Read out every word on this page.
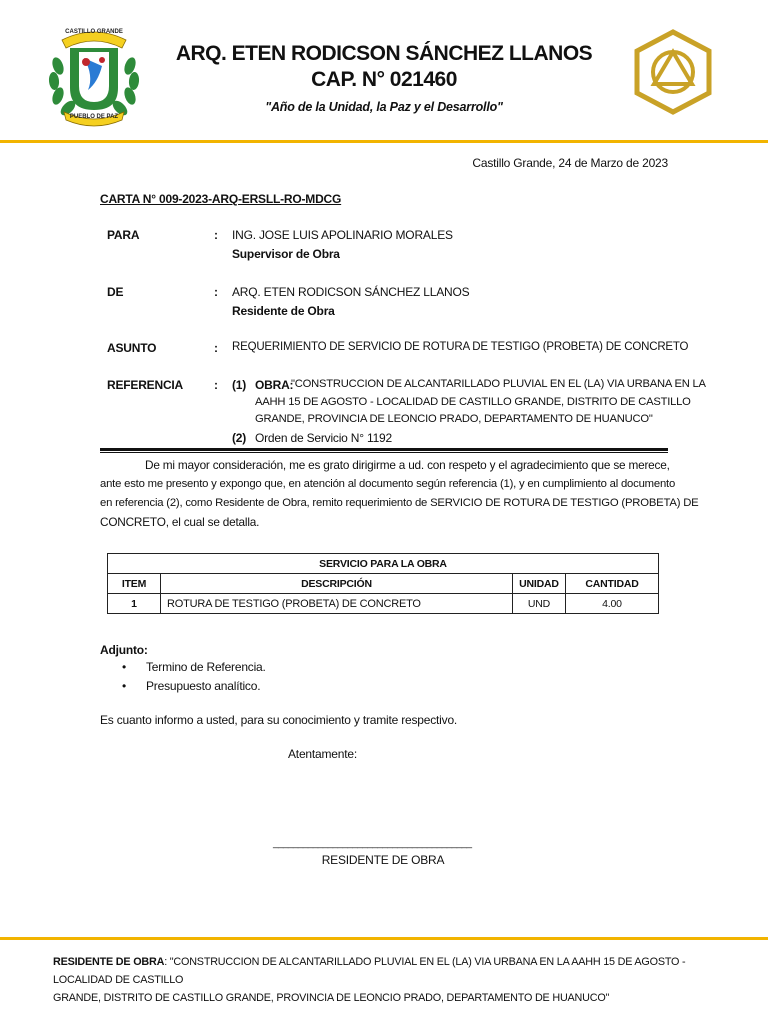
CASTILLO GRANDE
PUEBLO DE PAZ
ARQ. ETEN RODICSON SÁNCHEZ LLANOS
CAP. N° 021460
"Año de la Unidad, la Paz y el Desarrollo"
Castillo Grande, 24 de Marzo de 2023
CARTA N° 009-2023-ARQ-ERSLL-RO-MDCG
PARA	: ING. JOSE LUIS APOLINARIO MORALES
Supervisor de Obra
DE	: ARQ. ETEN RODICSON SÁNCHEZ LLANOS
Residente de Obra
ASUNTO	: REQUERIMIENTO DE SERVICIO DE ROTURA DE TESTIGO (PROBETA) DE CONCRETO
REFERENCIA	: (1) OBRA:
"CONSTRUCCION DE ALCANTARILLADO PLUVIAL EN EL (LA) VIA URBANA EN LA
AAHH 15 DE AGOSTO - LOCALIDAD DE CASTILLO GRANDE, DISTRITO DE CASTILLO
GRANDE, PROVINCIA DE LEONCIO PRADO, DEPARTAMENTO DE HUANUCO"
(2) Orden de Servicio N° 1192
De mi mayor consideración, me es grato dirigirme a ud. con respeto y el agradecimiento que se merece,
ante esto me presento y expongo que, en atención al documento según referencia (1), y en cumplimiento al documento
en referencia (2), como Residente de Obra, remito requerimiento de SERVICIO DE ROTURA DE TESTIGO (PROBETA) DE
CONCRETO, el cual se detalla.
SERVICIO PARA LA OBRA			
ITEM	DESCRIPCIÓN	UNIDAD	CANTIDAD
1	ROTURA DE TESTIGO (PROBETA) DE CONCRETO	UND	4.00
Adjunto:
• Termino de Referencia.
• Presupuesto analítico.
Es cuanto informo a usted, para su conocimiento y tramite respectivo.
Atentamente:
________________________________________
RESIDENTE DE OBRA
RESIDENTE DE OBRA: "CONSTRUCCION DE ALCANTARILLADO PLUVIAL EN EL (LA) VIA URBANA EN LA AAHH 15 DE AGOSTO - LOCALIDAD DE CASTILLO
GRANDE, DISTRITO DE CASTILLO GRANDE, PROVINCIA DE LEONCIO PRADO, DEPARTAMENTO DE HUANUCO"
